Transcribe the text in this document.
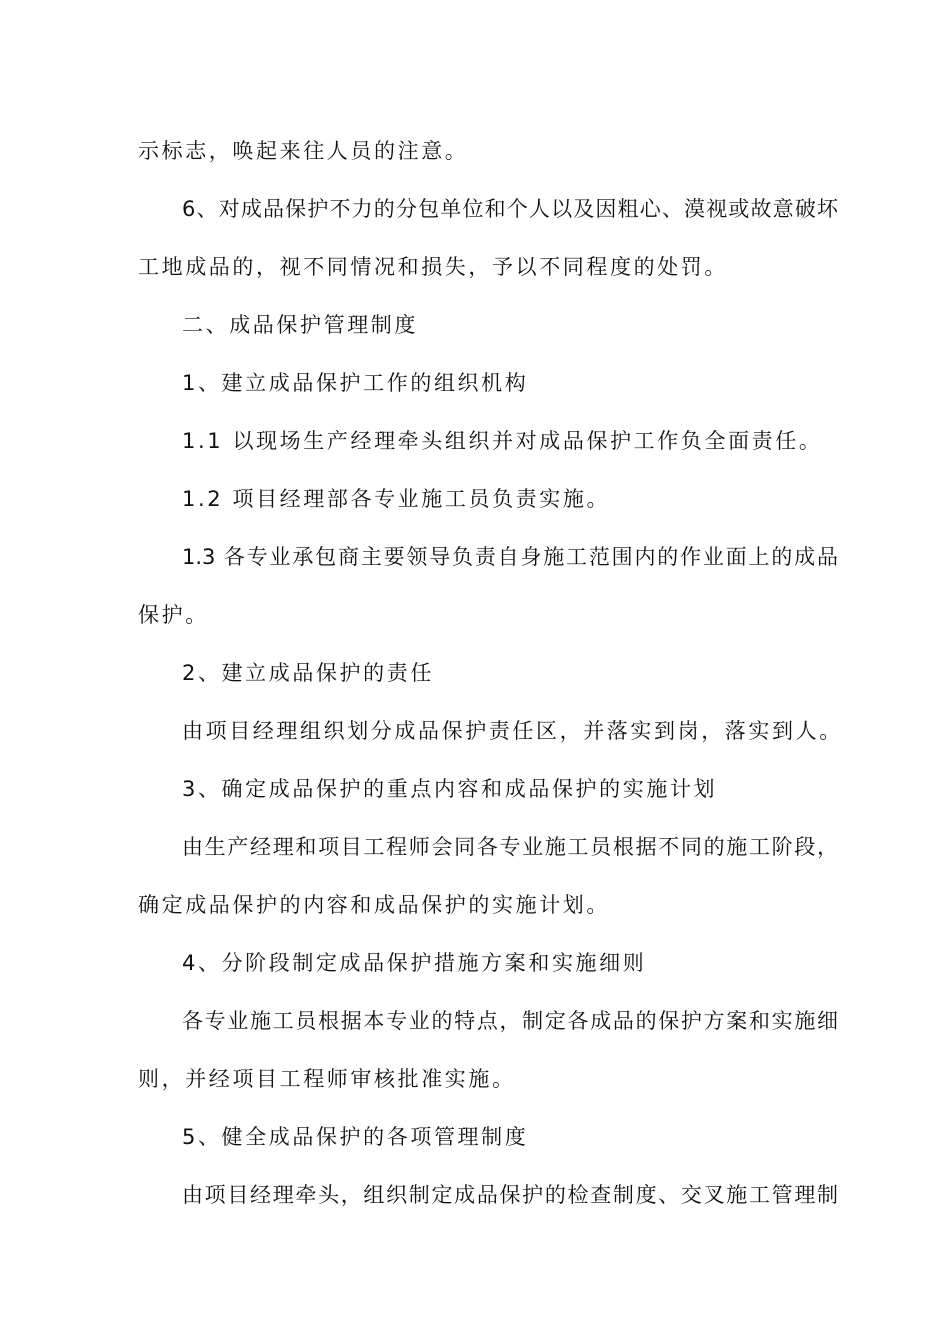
示标志，唤起来往人员的注意。
6、对成品保护不力的分包单位和个人以及因粗心、漠视或故意破坏
工地成品的，视不同情况和损失，予以不同程度的处罚。
二、成品保护管理制度
1、建立成品保护工作的组织机构
1.1 以现场生产经理牵头组织并对成品保护工作负全面责任。
1.2 项目经理部各专业施工员负责实施。
1.3 各专业承包商主要领导负责自身施工范围内的作业面上的成品
保护。
2、建立成品保护的责任
由项目经理组织划分成品保护责任区，并落实到岗，落实到人。
3、确定成品保护的重点内容和成品保护的实施计划
由生产经理和项目工程师会同各专业施工员根据不同的施工阶段，
确定成品保护的内容和成品保护的实施计划。
4、分阶段制定成品保护措施方案和实施细则
各专业施工员根据本专业的特点，制定各成品的保护方案和实施细
则，并经项目工程师审核批准实施。
5、健全成品保护的各项管理制度
由项目经理牵头，组织制定成品保护的检查制度、交叉施工管理制
